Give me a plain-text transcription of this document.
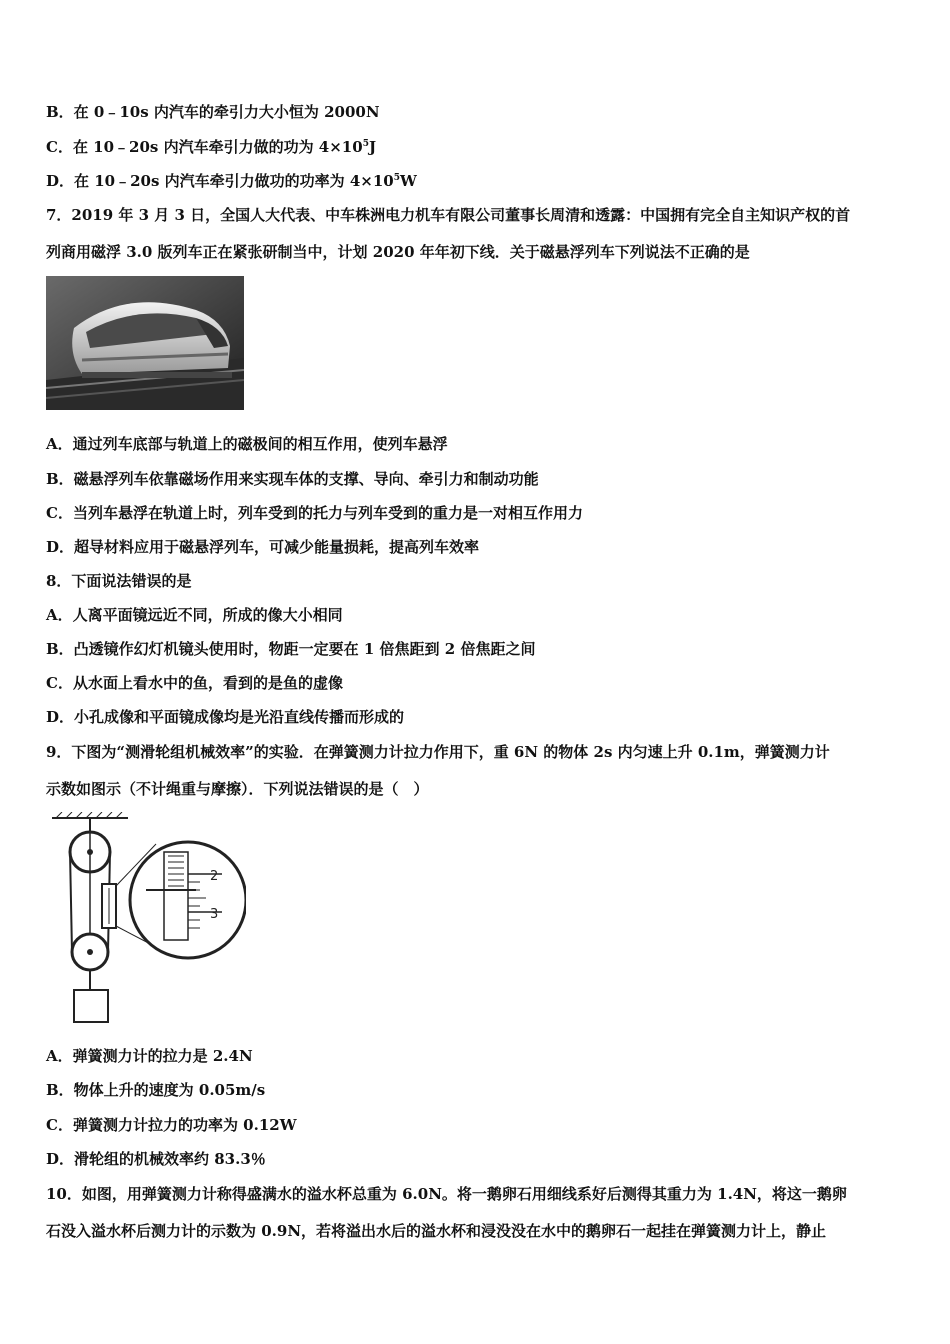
B．在 0﹣10s 内汽车的牵引力大小恒为 2000N
C．在 10﹣20s 内汽车牵引力做的功为 $4\times 10^5J$
D．在 10﹣20s 内汽车牵引力做功的功率为 $4\times 10^5W$
7．2019 年 3 月 3 日，全国人大代表、中车株洲电力机车有限公司董事长周清和透露：中国拥有完全自主知识产权的首
列商用磁浮 3.0 版列车正在紧张研制当中，计划 2020 年年初下线．关于磁悬浮列车下列说法不正确的是
A．通过列车底部与轨道上的磁极间的相互作用，使列车悬浮
B．磁悬浮列车依靠磁场作用来实现车体的支撑、导向、牵引力和制动功能
C．当列车悬浮在轨道上时，列车受到的托力与列车受到的重力是一对相互作用力
D．超导材料应用于磁悬浮列车，可减少能量损耗，提高列车效率
8．下面说法错误的是
A．人离平面镜远近不同，所成的像大小相同
B．凸透镜作幻灯机镜头使用时，物距一定要在 1 倍焦距到 2 倍焦距之间
C．从水面上看水中的鱼，看到的是鱼的虚像
D．小孔成像和平面镜成像均是光沿直线传播而形成的
9．下图为“测滑轮组机械效率”的实验．在弹簧测力计拉力作用下，重 6N 的物体 2s 内匀速上升 0.1m，弹簧测力计
示数如图示（不计绳重与摩擦）．下列说法错误的是（　）
2
3
A．弹簧测力计的拉力是 2.4N
B．物体上升的速度为 0.05m/s
C．弹簧测力计拉力的功率为 0.12W
D．滑轮组的机械效率约 83.3％
10．如图，用弹簧测力计称得盛满水的溢水杯总重为 6.0N。将一鹅卵石用细线系好后测得其重力为 1.4N，将这一鹅卵
石没入溢水杯后测力计的示数为 0.9N，若将溢出水后的溢水杯和浸没没在水中的鹅卵石一起挂在弹簧测力计上，静止
